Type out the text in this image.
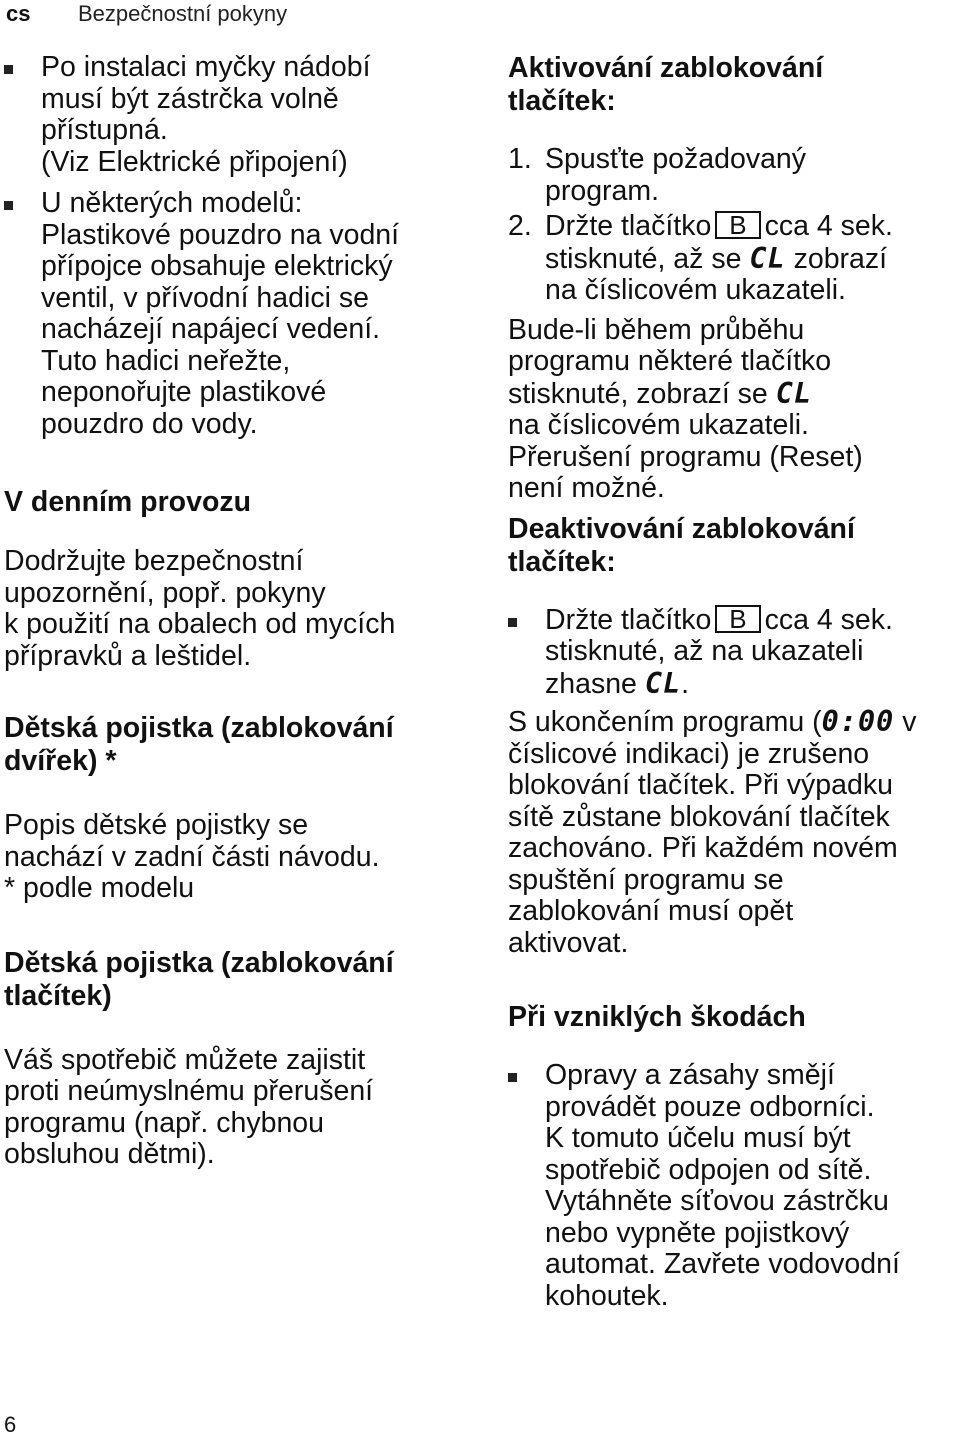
cs	Bezpečnostní pokyny
Po instalaci myčky nádobí
musí být zástrčka volně
přístupná.
(Viz Elektrické připojení)
U některých modelů:
Plastikové pouzdro na vodní
přípojce obsahuje elektrický
ventil, v přívodní hadici se
nacházejí napájecí vedení.
Tuto hadici neřežte,
neponořujte plastikové
pouzdro do vody.
V denním provozu
Dodržujte bezpečnostní
upozornění, popř. pokyny
k použití na obalech od mycích
přípravků a leštidel.
Dětská pojistka (zablokování
dvířek) *
Popis dětské pojistky se
nachází v zadní části návodu.
* podle modelu
Dětská pojistka (zablokování
tlačítek)
Váš spotřebič můžete zajistit
proti neúmyslnému přerušení
programu (např. chybnou
obsluhou dětmi).
Aktivování zablokování
tlačítek:
1. Spusťte požadovaný
program.
2. Držte tlačítko B cca 4 sek.
stisknuté, až se CL zobrazí
na číslicovém ukazateli.
Bude-li během průběhu
programu některé tlačítko
stisknuté, zobrazí se CL
na číslicovém ukazateli.
Přerušení programu (Reset)
není možné.
Deaktivování zablokování
tlačítek:
Držte tlačítko B cca 4 sek.
stisknuté, až na ukazateli
zhasne CL.
S ukončením programu (0:00 v
číslicové indikaci) je zrušeno
blokování tlačítek. Při výpadku
sítě zůstane blokování tlačítek
zachováno. Při každém novém
spuštění programu se
zablokování musí opět
aktivovat.
Při vzniklých škodách
Opravy a zásahy smějí
provádět pouze odborníci.
K tomuto účelu musí být
spotřebič odpojen od sítě.
Vytáhněte síťovou zástrčku
nebo vypněte pojistkový
automat. Zavřete vodovodní
kohoutek.
6
